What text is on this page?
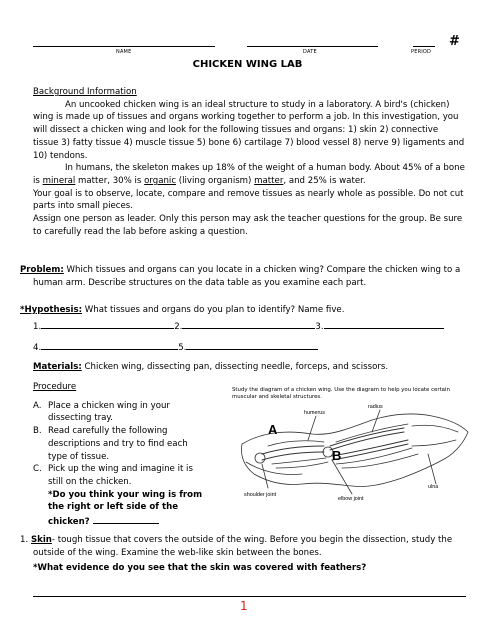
#
NAME	DATE	PERIOD
CHICKEN WING LAB
Background Information
An uncooked chicken wing is an ideal structure to study in a laboratory. A bird's (chicken) wing is made up of tissues and organs working together to perform a job. In this investigation, you will dissect a chicken wing and look for the following tissues and organs: 1) skin 2) connective tissue 3) fatty tissue 4) muscle tissue 5) bone 6) cartilage 7) blood vessel 8) nerve 9) ligaments and 10) tendons.
In humans, the skeleton makes up 18% of the weight of a human body. About 45% of a bone is mineral matter, 30% is organic (living organism) matter, and 25% is water.
Your goal is to observe, locate, compare and remove tissues as nearly whole as possible. Do not cut parts into small pieces.
Assign one person as leader. Only this person may ask the teacher questions for the group. Be sure to carefully read the lab before asking a question.
Problem: Which tissues and organs can you locate in a chicken wing? Compare the chicken wing to a human arm. Describe structures on the data table as you examine each part.
*Hypothesis: What tissues and organs do you plan to identify? Name five.
1.	2.	3.
4.	5.
Materials: Chicken wing, dissecting pan, dissecting needle, forceps, and scissors.
Procedure
A. Place a chicken wing in your dissecting tray.
B. Read carefully the following descriptions and try to find each type of tissue.
C. Pick up the wing and imagine it is still on the chicken.
*Do you think your wing is from the right or left side of the chicken?
Study the diagram of a chicken wing. Use the diagram to help you locate certain muscular and skeletal structures.
humerus
radius
A
B
ulna
shoulder joint
elbow joint
1. Skin- tough tissue that covers the outside of the wing. Before you begin the dissection, study the outside of the wing. Examine the web-like skin between the bones.
*What evidence do you see that the skin was covered with feathers?
1
